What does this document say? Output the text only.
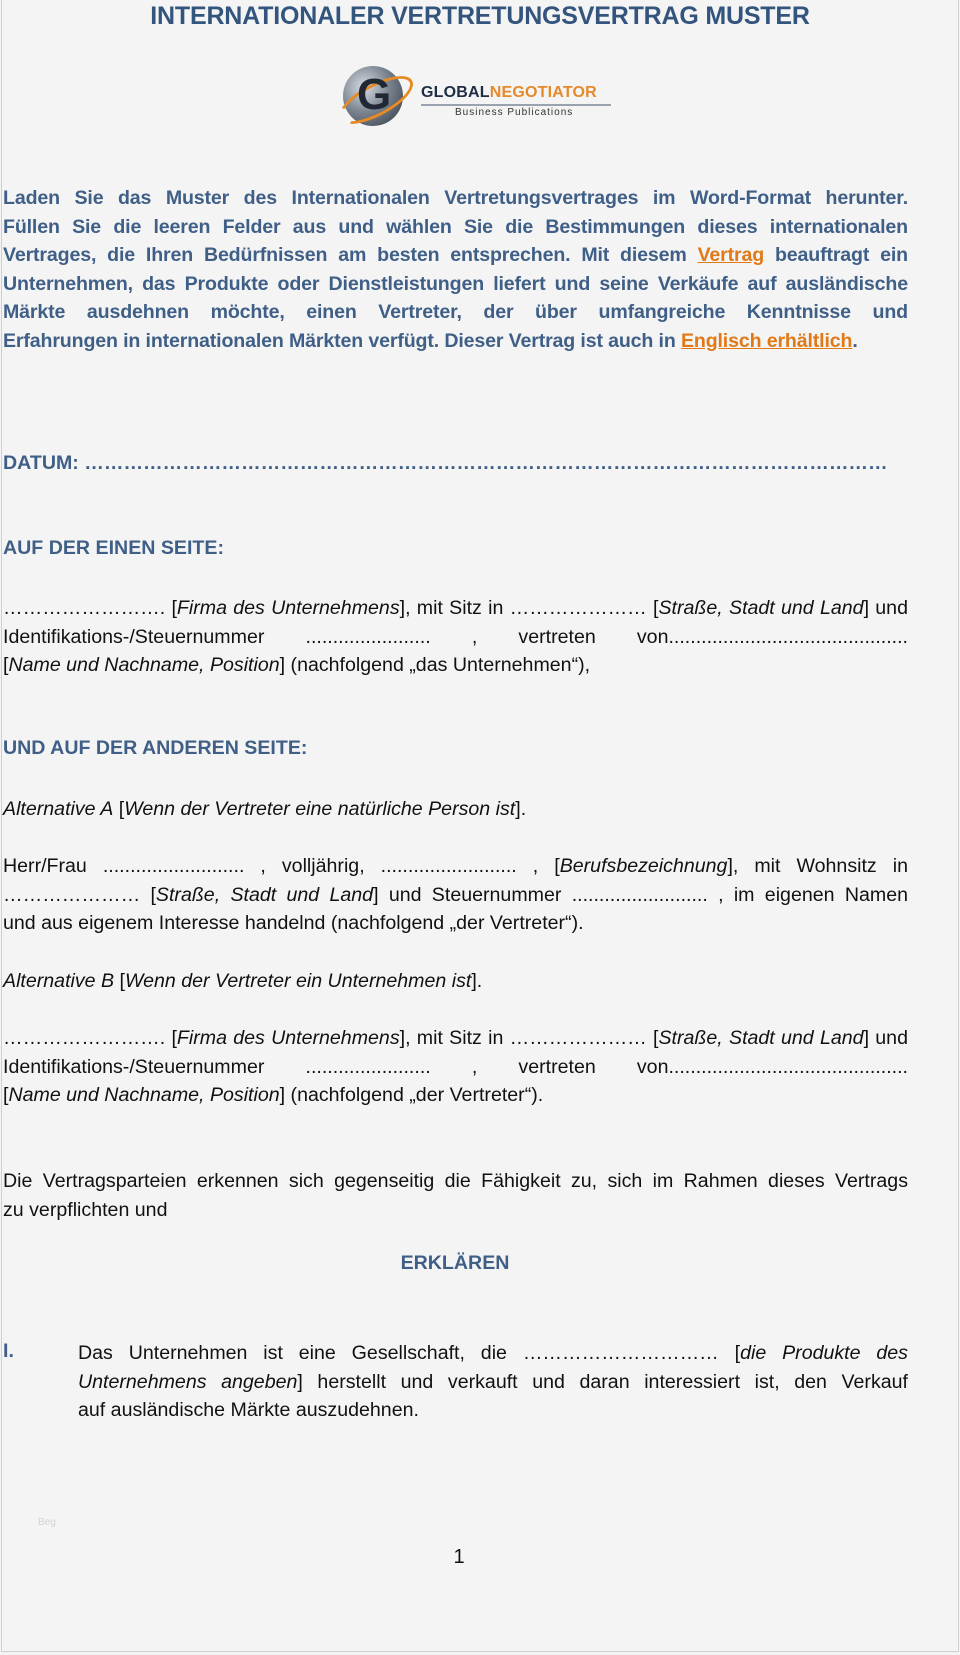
INTERNATIONALER VERTRETUNGSVERTRAG MUSTER
G GLOBALNEGOTIATOR
Business Publications
Laden Sie das Muster des Internationalen Vertretungsvertrages im Word-Format herunter.
Füllen Sie die leeren Felder aus und wählen Sie die Bestimmungen dieses internationalen
Vertrages, die Ihren Bedürfnissen am besten entsprechen. Mit diesem Vertrag beauftragt ein
Unternehmen, das Produkte oder Dienstleistungen liefert und seine Verkäufe auf ausländische
Märkte ausdehnen möchte, einen Vertreter, der über umfangreiche Kenntnisse und
Erfahrungen in internationalen Märkten verfügt. Dieser Vertrag ist auch in Englisch erhältlich.
DATUM: ……………………………………………………………………………………………………………
AUF DER EINEN SEITE:
……………………. [Firma des Unternehmens], mit Sitz in ………………… [Straße, Stadt und Land] und
Identifikations-/Steuernummer ....................... , vertreten von............................................
[Name und Nachname, Position] (nachfolgend „das Unternehmen“),
UND AUF DER ANDEREN SEITE:
Alternative A [Wenn der Vertreter eine natürliche Person ist].
Herr/Frau .......................... , volljährig, ......................... , [Berufsbezeichnung], mit Wohnsitz in
………………… [Straße, Stadt und Land] und Steuernummer ......................... , im eigenen Namen
und aus eigenem Interesse handelnd (nachfolgend „der Vertreter“).
Alternative B [Wenn der Vertreter ein Unternehmen ist].
……………………. [Firma des Unternehmens], mit Sitz in ………………… [Straße, Stadt und Land] und
Identifikations-/Steuernummer ....................... , vertreten von............................................
[Name und Nachname, Position] (nachfolgend „der Vertreter“).
Die Vertragsparteien erkennen sich gegenseitig die Fähigkeit zu, sich im Rahmen dieses Vertrags
zu verpflichten und
ERKLÄREN
I.	Das Unternehmen ist eine Gesellschaft, die ………………………… [die Produkte des
Unternehmens angeben] herstellt und verkauft und daran interessiert ist, den Verkauf
auf ausländische Märkte auszudehnen.
Beg
1
